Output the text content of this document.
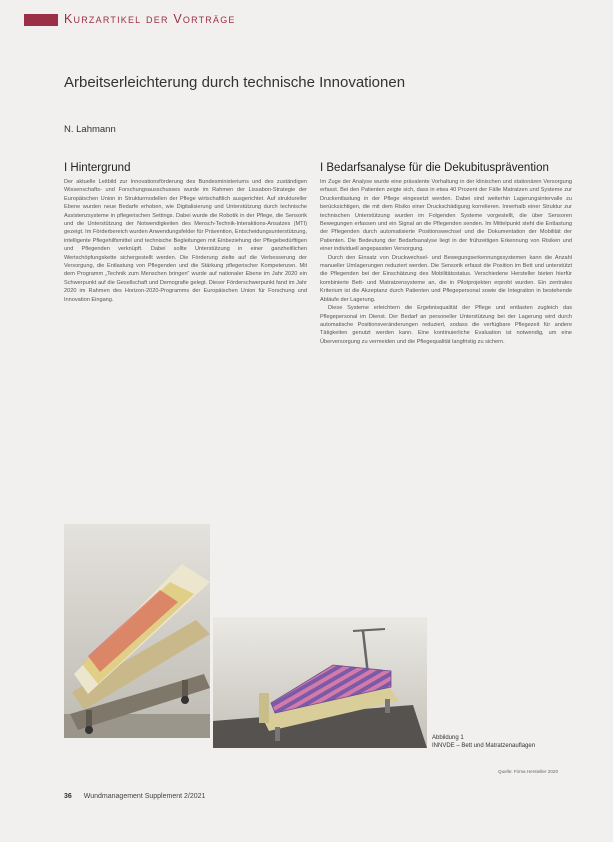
Kurzartikel der Vorträge
Arbeitserleichterung durch technische Innovationen
N. Lahmann
I Hintergrund	I Bedarfsanalyse für die Dekubitusprävention

Der aktuelle Leitbild zur Innovationsförderung des Bundesministeriums und des zuständigen Wissenschafts- und Forschungsausschusses wurde im Rahmen der Lissabon-Strategie der Europäischen Union in Strukturmodellen der Pflege wirtschaftlich ausgerichtet. Auf struktureller Ebene wurden neue Bedarfe erhoben, wie Digitalisierung und Unterstützung durch technische Assistenzsysteme in pflegerischen Settings. Dabei wurde die Robotik in der Pflege, die Sensorik und die Unterstützung der Notwendigkeiten des Mensch-Technik-Interaktions-Ansatzes (MTI) gezeigt. Im Förderbereich wurden Anwendungsfelder für Prävention, Entscheidungsunterstützung, intelligente Pflegehilfsmittel und technische Begleitungen mit Einbeziehung der Pflegebedürftigen und Pflegenden verknüpft. Dabei sollte Unterstützung in einer ganzheitlichen Wertschöpfungskette sichergestellt werden. Die Förderung zielte auf die Verbesserung der Versorgung, die Entlastung von Pflegenden und die Stärkung pflegerischer Kompetenzen. Mit dem Programm „Technik zum Menschen bringen“ wurde auf nationaler Ebene im Jahr 2020 ein Schwerpunkt auf die Gesellschaft und Demografie gelegt. Dieser Förderschwerpunkt fand im Jahr 2020 im Rahmen des Horizon-2020-Programms der Europäischen Union für Forschung und Innovation Eingang.

Im Zuge der Analyse wurde eine prävalente Vorhaltung in der klinischen und stationären Versorgung erfasst. Bei den Patienten zeigte sich, dass in etwa 40 Prozent der Fälle Matratzen und Systeme zur Druckentlastung in der Pflege eingesetzt werden. Dabei sind weiterhin Lagerungsintervalle zu berücksichtigen, die mit dem Risiko einer Druckschädigung korrelieren. Innerhalb einer Struktur zur technischen Unterstützung wurden im Folgenden Systeme vorgestellt, die über Sensoren Bewegungen erfassen und ein Signal an die Pflegenden senden. Im Mittelpunkt steht die Entlastung der Pflegenden durch automatisierte Positionswechsel und die Dokumentation der Mobilität der Patienten. Die Bedeutung der Bedarfsanalyse liegt in der frühzeitigen Erkennung von Risiken und einer individuell angepassten Versorgung.

Durch den Einsatz von Druckwechsel- und Bewegungserkennungssystemen kann die Anzahl manueller Umlagerungen reduziert werden. Die Sensorik erfasst die Position im Bett und unterstützt die Pflegenden bei der Einschätzung des Mobilitätsstatus. Verschiedene Hersteller bieten hierfür kombinierte Bett- und Matratzensysteme an, die in Pilotprojekten erprobt wurden. Ein zentrales Kriterium ist die Akzeptanz durch Patienten und Pflegepersonal sowie die Integration in bestehende Abläufe der Lagerung.

Diese Systeme erleichtern die Ergebnisqualität der Pflege und entlasten zugleich das Pflegepersonal im Dienst. Der Bedarf an personeller Unterstützung bei der Lagerung wird durch automatische Positionsveränderungen reduziert, sodass die verfügbare Pflegezeit für andere Tätigkeiten genutzt werden kann. Eine kontinuierliche Evaluation ist notwendig, um eine Überversorgung zu vermeiden und die Pflegequalität langfristig zu sichern.

Abbildung 1
INNVDE – Bett und Matratzenauflagen
Quelle: Firma Hersteller 2020
36 Wundmanagement Supplement 2/2021
